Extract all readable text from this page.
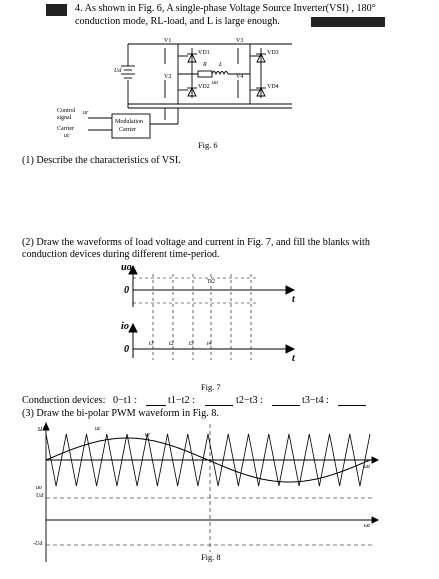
4. As shown in Fig. 6, A single-phase Voltage Source Inverter(VSI) , 180°
conduction mode, RL-load, and L is large enough.
V1
V2
V3
V4
VD1
VD2
VD3
VD4
Ud
R L
uo
Control
signal
ur
Carrier
uc
Modulation
Carrier
Fig. 6
(1) Describe the characteristics of VSI.
(2) Draw the waveforms of load voltage and current in Fig. 7, and fill the blanks with
conduction devices during different time-period.
uo
0
t
T/2
io
0
t
t1	t2	t3 t4
Fig. 7
Conduction devices: 0−t1 :	t1−t2 :	t2−t3 :	t3−t4 :
(3) Draw the bi-polar PWM waveform in Fig. 8.
u	uc
ur
ωt
uo
Ud
-Ud
ωt
Fig. 8
